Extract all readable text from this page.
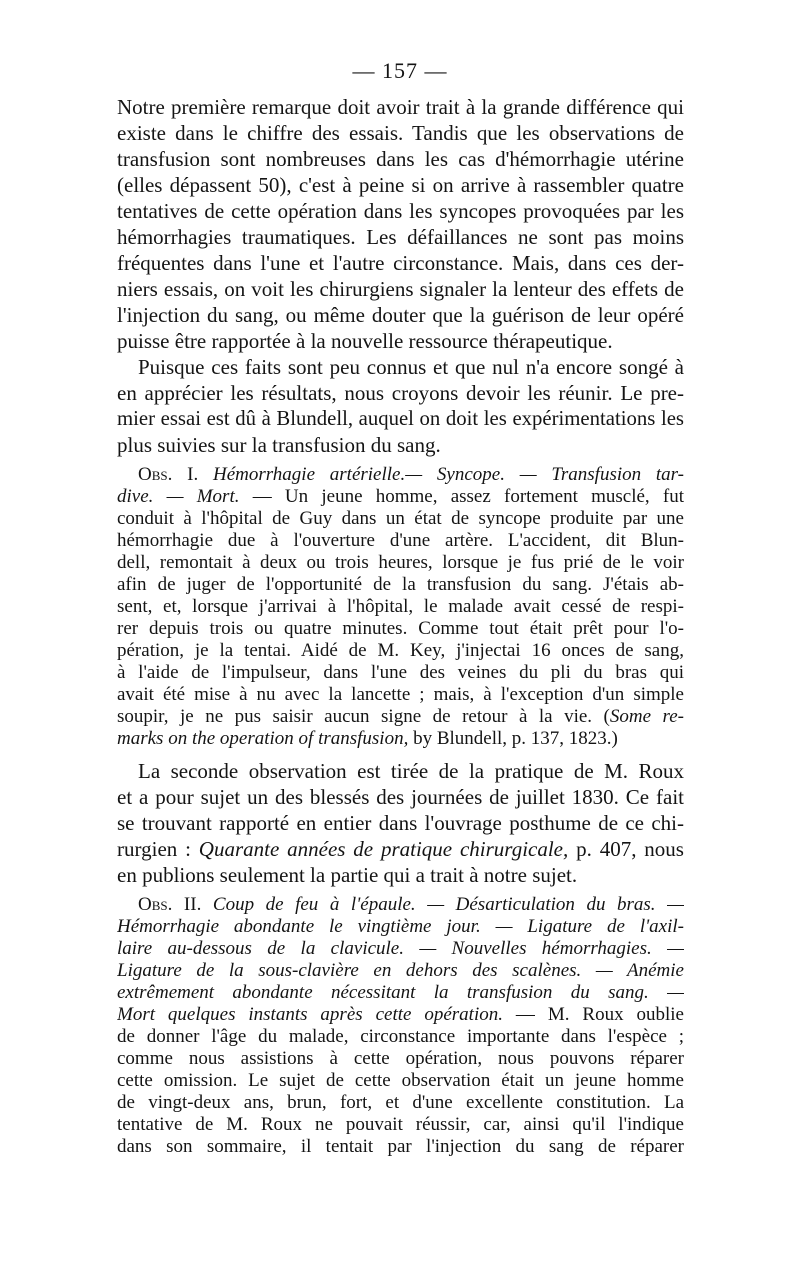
— 157 —
Notre première remarque doit avoir trait à la grande différence qui
existe dans le chiffre des essais. Tandis que les observations de
transfusion sont nombreuses dans les cas d'hémorrhagie utérine
(elles dépassent 50), c'est à peine si on arrive à rassembler quatre
tentatives de cette opération dans les syncopes provoquées par les
hémorrhagies traumatiques. Les défaillances ne sont pas moins
fréquentes dans l'une et l'autre circonstance. Mais, dans ces der-
niers essais, on voit les chirurgiens signaler la lenteur des effets de
l'injection du sang, ou même douter que la guérison de leur opéré
puisse être rapportée à la nouvelle ressource thérapeutique.
Puisque ces faits sont peu connus et que nul n'a encore songé à
en apprécier les résultats, nous croyons devoir les réunir. Le pre-
mier essai est dû à Blundell, auquel on doit les expérimentations les
plus suivies sur la transfusion du sang.
Obs. I. Hémorrhagie artérielle.— Syncope. — Transfusion tar-
dive. — Mort. — Un jeune homme, assez fortement musclé, fut
conduit à l'hôpital de Guy dans un état de syncope produite par une
hémorrhagie due à l'ouverture d'une artère. L'accident, dit Blun-
dell, remontait à deux ou trois heures, lorsque je fus prié de le voir
afin de juger de l'opportunité de la transfusion du sang. J'étais ab-
sent, et, lorsque j'arrivai à l'hôpital, le malade avait cessé de respi-
rer depuis trois ou quatre minutes. Comme tout était prêt pour l'o-
pération, je la tentai. Aidé de M. Key, j'injectai 16 onces de sang,
à l'aide de l'impulseur, dans l'une des veines du pli du bras qui
avait été mise à nu avec la lancette ; mais, à l'exception d'un simple
soupir, je ne pus saisir aucun signe de retour à la vie. (Some re-
marks on the operation of transfusion, by Blundell, p. 137, 1823.)
La seconde observation est tirée de la pratique de M. Roux
et a pour sujet un des blessés des journées de juillet 1830. Ce fait
se trouvant rapporté en entier dans l'ouvrage posthume de ce chi-
rurgien : Quarante années de pratique chirurgicale, p. 407, nous
en publions seulement la partie qui a trait à notre sujet.
Obs. II. Coup de feu à l'épaule. — Désarticulation du bras. —
Hémorrhagie abondante le vingtième jour. — Ligature de l'axil-
laire au-dessous de la clavicule. — Nouvelles hémorrhagies. —
Ligature de la sous-clavière en dehors des scalènes. — Anémie
extrêmement abondante nécessitant la transfusion du sang. —
Mort quelques instants après cette opération. — M. Roux oublie
de donner l'âge du malade, circonstance importante dans l'espèce ;
comme nous assistions à cette opération, nous pouvons réparer
cette omission. Le sujet de cette observation était un jeune homme
de vingt-deux ans, brun, fort, et d'une excellente constitution. La
tentative de M. Roux ne pouvait réussir, car, ainsi qu'il l'indique
dans son sommaire, il tentait par l'injection du sang de réparer
